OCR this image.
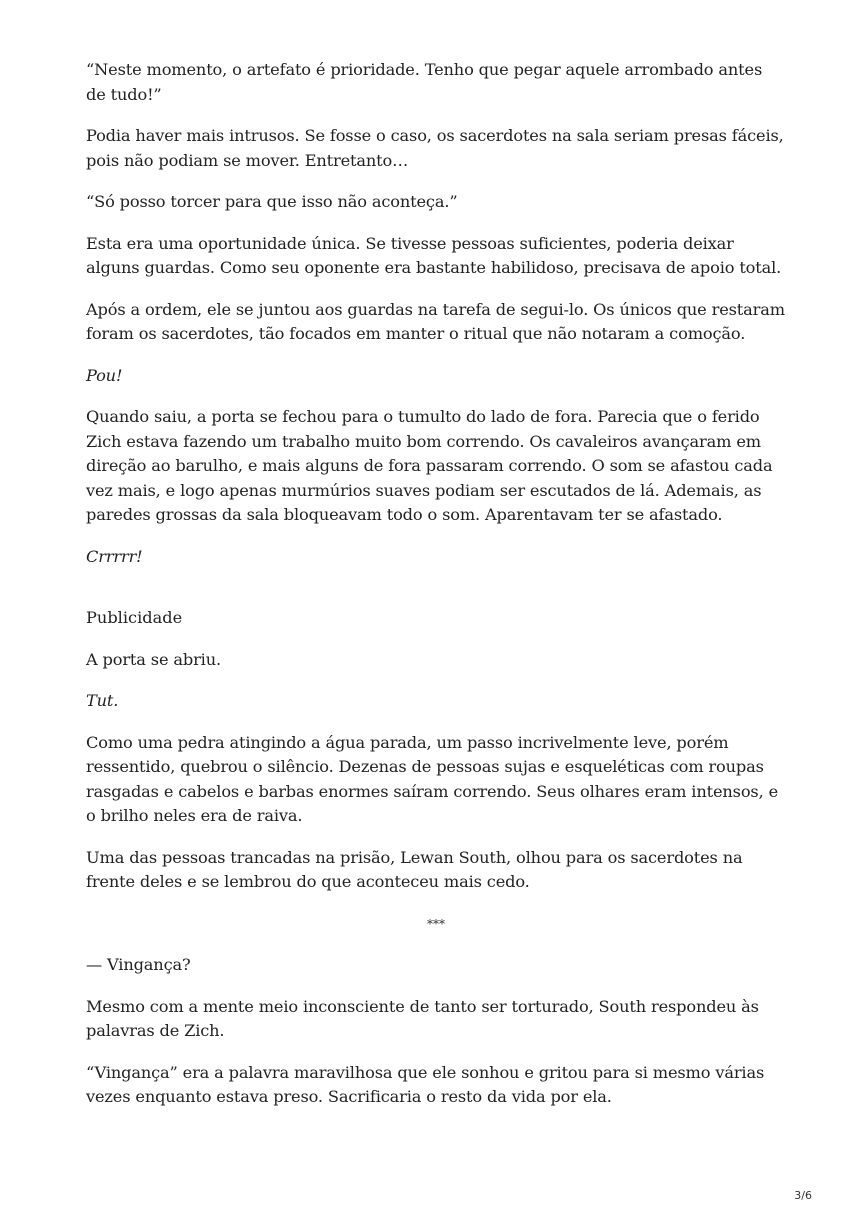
“Neste momento, o artefato é prioridade. Tenho que pegar aquele arrombado antes de tudo!”

Podia haver mais intrusos. Se fosse o caso, os sacerdotes na sala seriam presas fáceis, pois não podiam se mover. Entretanto…

“Só posso torcer para que isso não aconteça.”

Esta era uma oportunidade única. Se tivesse pessoas suficientes, poderia deixar alguns guardas. Como seu oponente era bastante habilidoso, precisava de apoio total.

Após a ordem, ele se juntou aos guardas na tarefa de segui-lo. Os únicos que restaram foram os sacerdotes, tão focados em manter o ritual que não notaram a comoção.

Pou!

Quando saiu, a porta se fechou para o tumulto do lado de fora. Parecia que o ferido Zich estava fazendo um trabalho muito bom correndo. Os cavaleiros avançaram em direção ao barulho, e mais alguns de fora passaram correndo. O som se afastou cada vez mais, e logo apenas murmúrios suaves podiam ser escutados de lá. Ademais, as paredes grossas da sala bloqueavam todo o som. Aparentavam ter se afastado.

Crrrrr!

Publicidade

A porta se abriu.

Tut.

Como uma pedra atingindo a água parada, um passo incrivelmente leve, porém ressentido, quebrou o silêncio. Dezenas de pessoas sujas e esqueléticas com roupas rasgadas e cabelos e barbas enormes saíram correndo. Seus olhares eram intensos, e o brilho neles era de raiva.

Uma das pessoas trancadas na prisão, Lewan South, olhou para os sacerdotes na frente deles e se lembrou do que aconteceu mais cedo.

***

— Vingança?

Mesmo com a mente meio inconsciente de tanto ser torturado, South respondeu às palavras de Zich.

“Vingança” era a palavra maravilhosa que ele sonhou e gritou para si mesmo várias vezes enquanto estava preso. Sacrificaria o resto da vida por ela.

3/6
